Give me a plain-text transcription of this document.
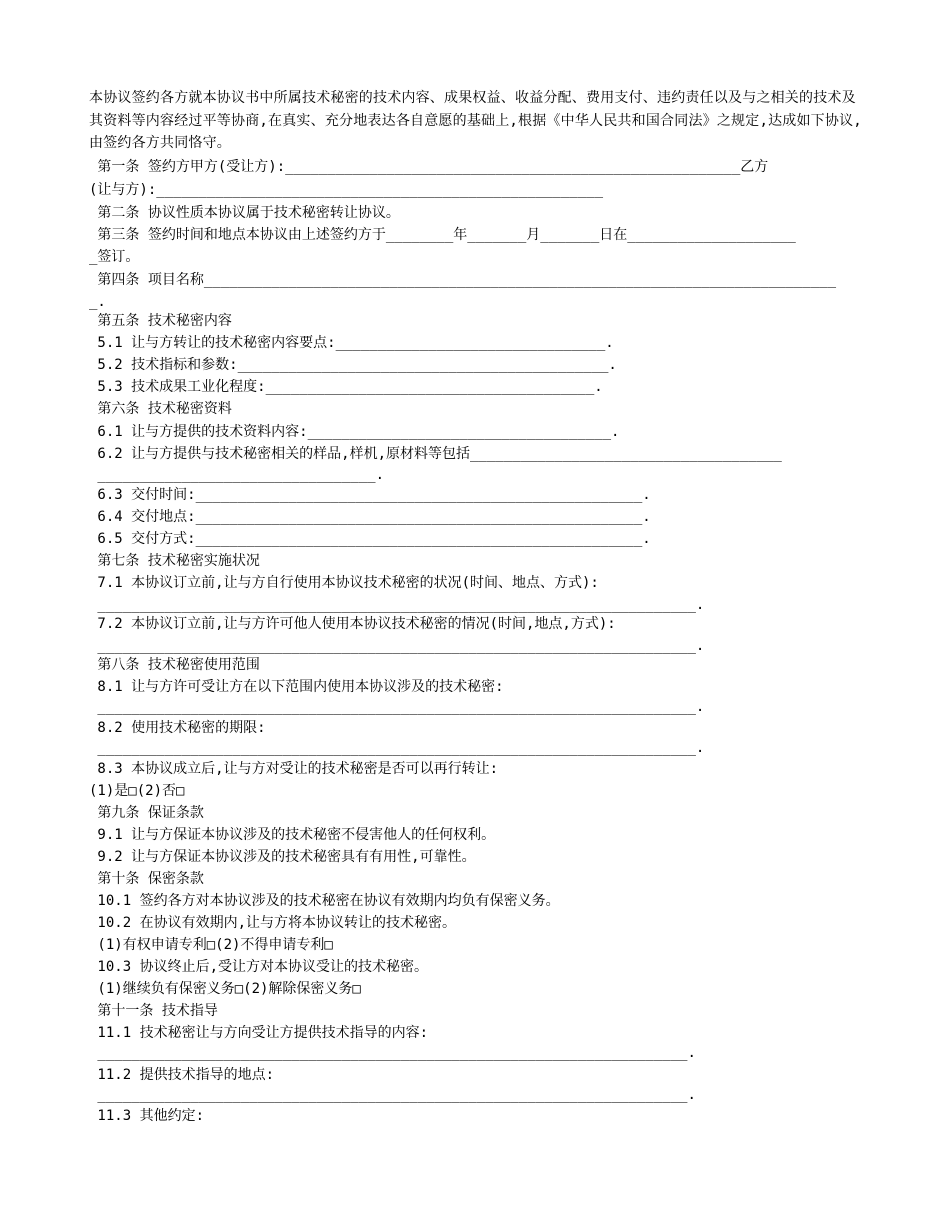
本协议签约各方就本协议书中所属技术秘密的技术内容、成果权益、收益分配、费用支付、违约责任以及与之相关的技术及其资料等内容经过平等协商,在真实、充分地表达各自意愿的基础上,根据《中华人民共和国合同法》之规定,达成如下协议,由签约各方共同恪守。
第一条 签约方甲方(受让方):______________________________________________________乙方
(让与方):_____________________________________________________
第二条 协议性质本协议属于技术秘密转让协议。
第三条 签约时间和地点本协议由上述签约方于________年_______月_______日在____________________
_签订。
第四条 项目名称___________________________________________________________________________
_.
第五条 技术秘密内容
5.1 让与方转让的技术秘密内容要点:________________________________.
5.2 技术指标和参数:____________________________________________.
5.3 技术成果工业化程度:_______________________________________.
第六条 技术秘密资料
6.1 让与方提供的技术资料内容:____________________________________.
6.2 让与方提供与技术秘密相关的样品,样机,原材料等包括_____________________________________
_________________________________.
6.3 交付时间:_____________________________________________________.
6.4 交付地点:_____________________________________________________.
6.5 交付方式:_____________________________________________________.
第七条 技术秘密实施状况
7.1 本协议订立前,让与方自行使用本协议技术秘密的状况(时间、地点、方式):
_______________________________________________________________________.
7.2 本协议订立前,让与方许可他人使用本协议技术秘密的情况(时间,地点,方式):
_______________________________________________________________________.
第八条 技术秘密使用范围
8.1 让与方许可受让方在以下范围内使用本协议涉及的技术秘密:
_______________________________________________________________________.
8.2 使用技术秘密的期限:
_______________________________________________________________________.
8.3 本协议成立后,让与方对受让的技术秘密是否可以再行转让:
(1)是□(2)否□
第九条 保证条款
9.1 让与方保证本协议涉及的技术秘密不侵害他人的任何权利。
9.2 让与方保证本协议涉及的技术秘密具有有用性,可靠性。
第十条 保密条款
10.1 签约各方对本协议涉及的技术秘密在协议有效期内均负有保密义务。
10.2 在协议有效期内,让与方将本协议转让的技术秘密。
(1)有权申请专利□(2)不得申请专利□
10.3 协议终止后,受让方对本协议受让的技术秘密。
(1)继续负有保密义务□(2)解除保密义务□
第十一条 技术指导
11.1 技术秘密让与方向受让方提供技术指导的内容:
______________________________________________________________________.
11.2 提供技术指导的地点:
______________________________________________________________________.
11.3 其他约定:
